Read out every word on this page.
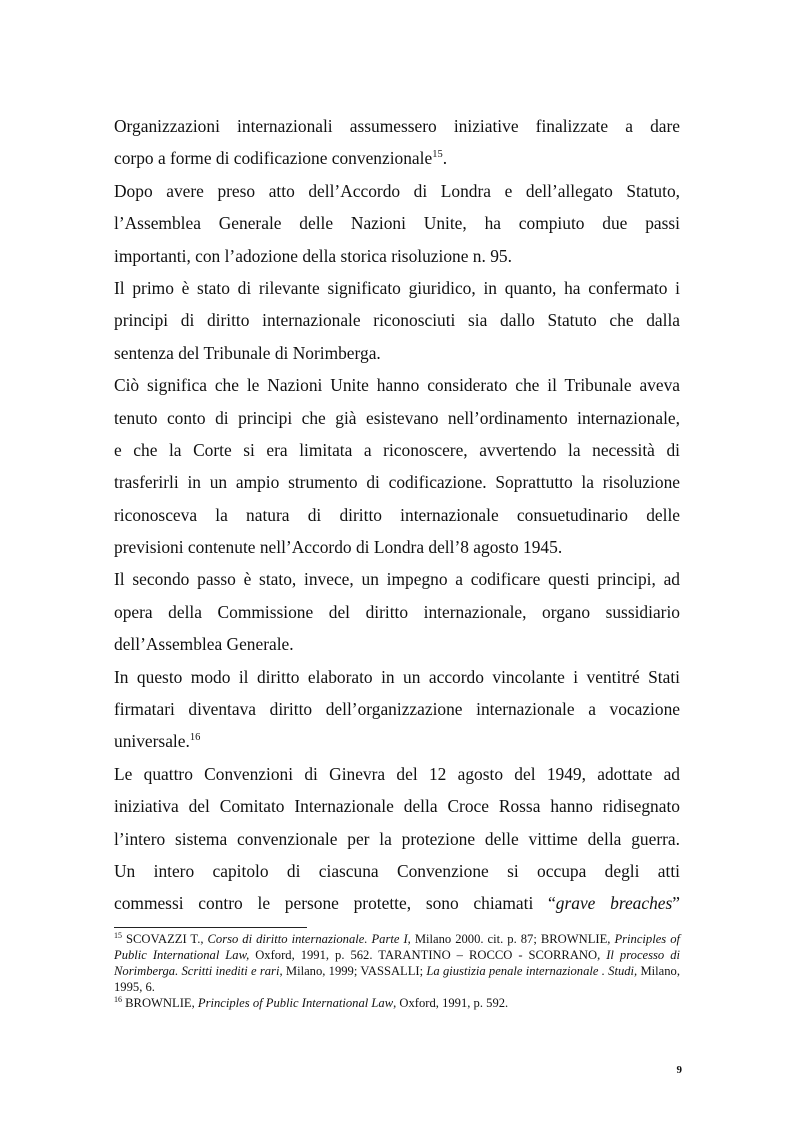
Organizzazioni internazionali assumessero iniziative finalizzate a dare
corpo a forme di codificazione convenzionale$^{15}$.
Dopo avere preso atto dell’Accordo di Londra e dell’allegato Statuto,
l’Assemblea Generale delle Nazioni Unite, ha compiuto due passi
importanti, con l’adozione della storica risoluzione n. 95.
Il primo è stato di rilevante significato giuridico, in quanto, ha confermato i
principi di diritto internazionale riconosciuti sia dallo Statuto che dalla
sentenza del Tribunale di Norimberga.
Ciò significa che le Nazioni Unite hanno considerato che il Tribunale aveva
tenuto conto di principi che già esistevano nell’ordinamento internazionale,
e che la Corte si era limitata a riconoscere, avvertendo la necessità di
trasferirli in un ampio strumento di codificazione. Soprattutto la risoluzione
riconosceva la natura di diritto internazionale consuetudinario delle
previsioni contenute nell’Accordo di Londra dell’8 agosto 1945.
Il secondo passo è stato, invece, un impegno a codificare questi principi, ad
opera della Commissione del diritto internazionale, organo sussidiario
dell’Assemblea Generale.
In questo modo il diritto elaborato in un accordo vincolante i ventitré Stati
firmatari diventava diritto dell’organizzazione internazionale a vocazione
universale.$^{16}$
Le quattro Convenzioni di Ginevra del 12 agosto del 1949, adottate ad
iniziativa del Comitato Internazionale della Croce Rossa hanno ridisegnato
l’intero sistema convenzionale per la protezione delle vittime della guerra.
Un intero capitolo di ciascuna Convenzione si occupa degli atti
commessi contro le persone protette, sono chiamati “grave breaches”

$^{15}$ SCOVAZZI T., Corso di diritto internazionale. Parte I, Milano 2000. cit. p. 87; BROWNLIE, Principles of Public International Law, Oxford, 1991, p. 562. TARANTINO – ROCCO - SCORRANO, Il processo di Norimberga. Scritti inediti e rari, Milano, 1999; VASSALLI; La giustizia penale internazionale . Studi, Milano, 1995, 6.

$^{16}$ BROWNLIE, Principles of Public International Law, Oxford, 1991, p. 592.

9
